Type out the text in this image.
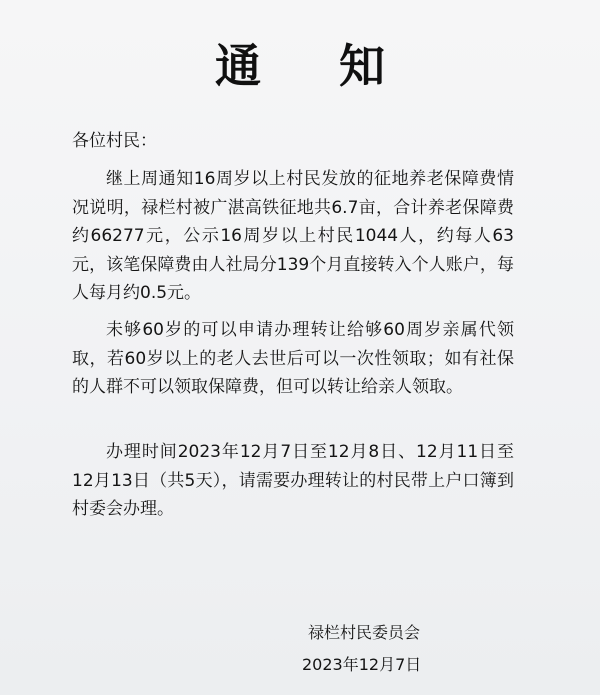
通知
各位村民：

继上周通知16周岁以上村民发放的征地养老保障费情况说明，禄栏村被广湛高铁征地共6.7亩，合计养老保障费约66277元，公示16周岁以上村民1044人，约每人63元，该笔保障费由人社局分139个月直接转入个人账户，每人每月约0.5元。

未够60岁的可以申请办理转让给够60周岁亲属代领取，若60岁以上的老人去世后可以一次性领取；如有社保的人群不可以领取保障费，但可以转让给亲人领取。

办理时间2023年12月7日至12月8日、12月11日至12月13日（共5天），请需要办理转让的村民带上户口簿到村委会办理。

禄栏村民委员会
2023年12月7日
